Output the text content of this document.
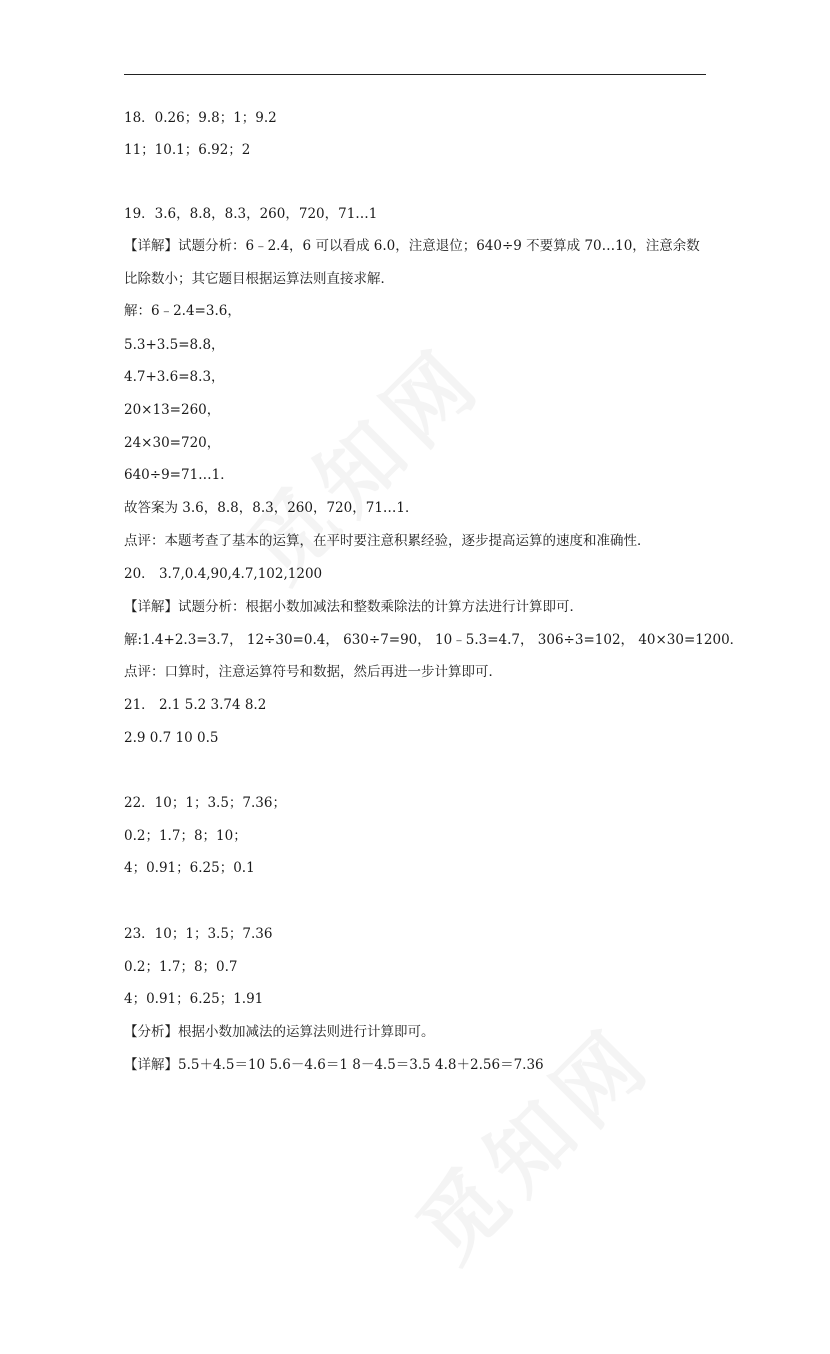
18．0.26；9.8；1；9.2
11；10.1；6.92；2
19．3.6，8.8，8.3，260，720，71…1
【详解】试题分析：6﹣2.4，6 可以看成 6.0，注意退位；640÷9 不要算成 70…10，注意余数
比除数小；其它题目根据运算法则直接求解．
解：6﹣2.4=3.6，
5.3+3.5=8.8，
4.7+3.6=8.3，
20×13=260，
24×30=720，
640÷9=71…1．
故答案为 3.6，8.8，8.3，260，720，71…1．
点评：本题考查了基本的运算，在平时要注意积累经验，逐步提高运算的速度和准确性．
20． 3.7,0.4,90,4.7,102,1200
【详解】试题分析：根据小数加减法和整数乘除法的计算方法进行计算即可．
解:1.4+2.3=3.7， 12÷30=0.4， 630÷7=90， 10﹣5.3=4.7， 306÷3=102， 40×30=1200．
点评：口算时，注意运算符号和数据，然后再进一步计算即可．
21． 2.1 5.2 3.74 8.2
2.9 0.7 10 0.5
22．10；1；3.5；7.36；
0.2；1.7；8；10；
4；0.91；6.25；0.1
23．10；1；3.5；7.36
0.2；1.7；8；0.7
4；0.91；6.25；1.91
【分析】根据小数加减法的运算法则进行计算即可。
【详解】5.5＋4.5＝10 5.6－4.6＝1 8－4.5＝3.5 4.8＋2.56＝7.36
